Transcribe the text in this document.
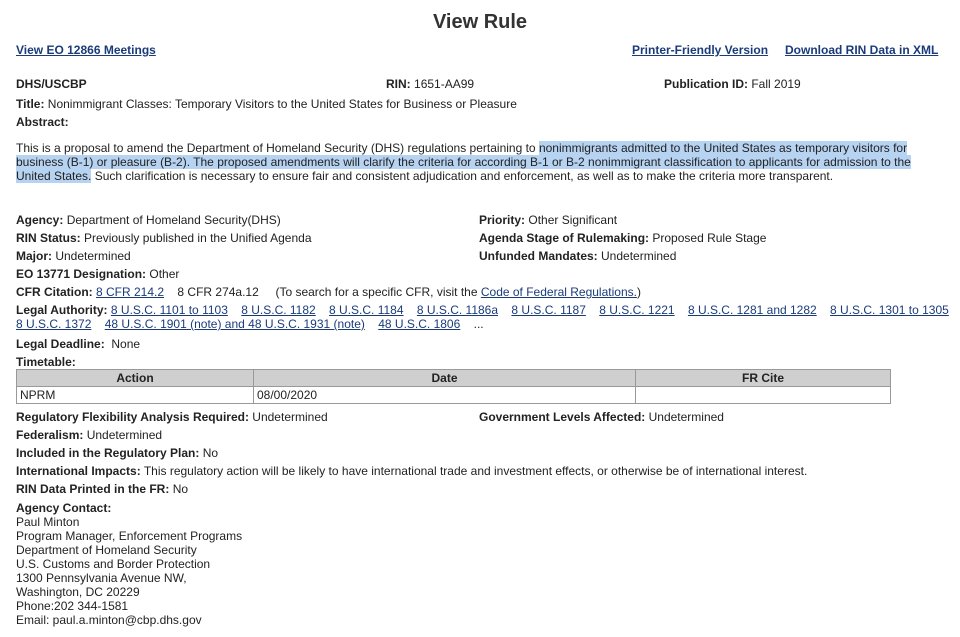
View Rule
View EO 12866 Meetings	Printer-Friendly Version Download RIN Data in XML
DHS/USCBP	RIN: 1651-AA99	Publication ID: Fall 2019
Title: Nonimmigrant Classes: Temporary Visitors to the United States for Business or Pleasure
Abstract:
This is a proposal to amend the Department of Homeland Security (DHS) regulations pertaining to nonimmigrants admitted to the United States as temporary visitors for business (B-1) or pleasure (B-2). The proposed amendments will clarify the criteria for according B-1 or B-2 nonimmigrant classification to applicants for admission to the United States. Such clarification is necessary to ensure fair and consistent adjudication and enforcement, as well as to make the criteria more transparent.
Agency: Department of Homeland Security(DHS)	Priority: Other Significant
RIN Status: Previously published in the Unified Agenda	Agenda Stage of Rulemaking: Proposed Rule Stage
Major: Undetermined	Unfunded Mandates: Undetermined
EO 13771 Designation: Other
CFR Citation: 8 CFR 214.2 8 CFR 274a.12 (To search for a specific CFR, visit the Code of Federal Regulations.)
Legal Authority: 8 U.S.C. 1101 to 1103 8 U.S.C. 1182 8 U.S.C. 1184 8 U.S.C. 1186a 8 U.S.C. 1187 8 U.S.C. 1221 8 U.S.C. 1281 and 1282 8 U.S.C. 1301 to 1305
8 U.S.C. 1372 48 U.S.C. 1901 (note) and 48 U.S.C. 1931 (note) 48 U.S.C. 1806 ...
Legal Deadline: None
Timetable:
Action	Date	FR Cite
NPRM	08/00/2020	
Regulatory Flexibility Analysis Required: Undetermined	Government Levels Affected: Undetermined
Federalism: Undetermined
Included in the Regulatory Plan: No
International Impacts: This regulatory action will be likely to have international trade and investment effects, or otherwise be of international interest.
RIN Data Printed in the FR: No
Agency Contact:
Paul Minton
Program Manager, Enforcement Programs
Department of Homeland Security
U.S. Customs and Border Protection
1300 Pennsylvania Avenue NW,
Washington, DC 20229
Phone:202 344-1581
Email: paul.a.minton@cbp.dhs.gov
